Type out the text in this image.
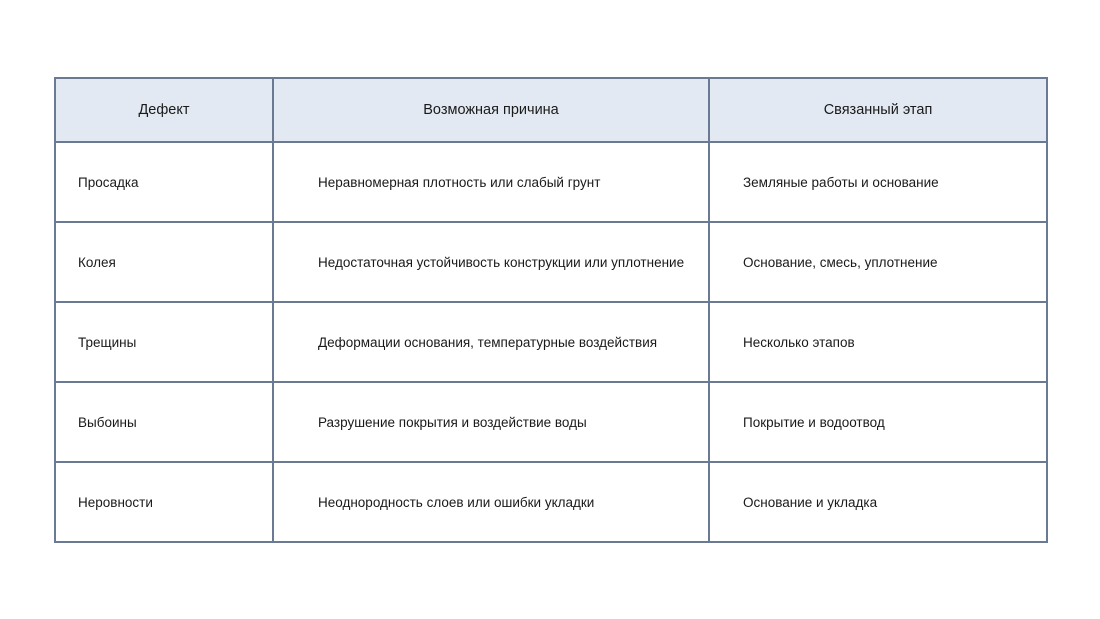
Дефект	Возможная причина	Связанный этап
Просадка	Неравномерная плотность или слабый грунт	Земляные работы и основание
Колея	Недостаточная устойчивость конструкции или уплотнение	Основание, смесь, уплотнение
Трещины	Деформации основания, температурные воздействия	Несколько этапов
Выбоины	Разрушение покрытия и воздействие воды	Покрытие и водоотвод
Неровности	Неоднородность слоев или ошибки укладки	Основание и укладка
